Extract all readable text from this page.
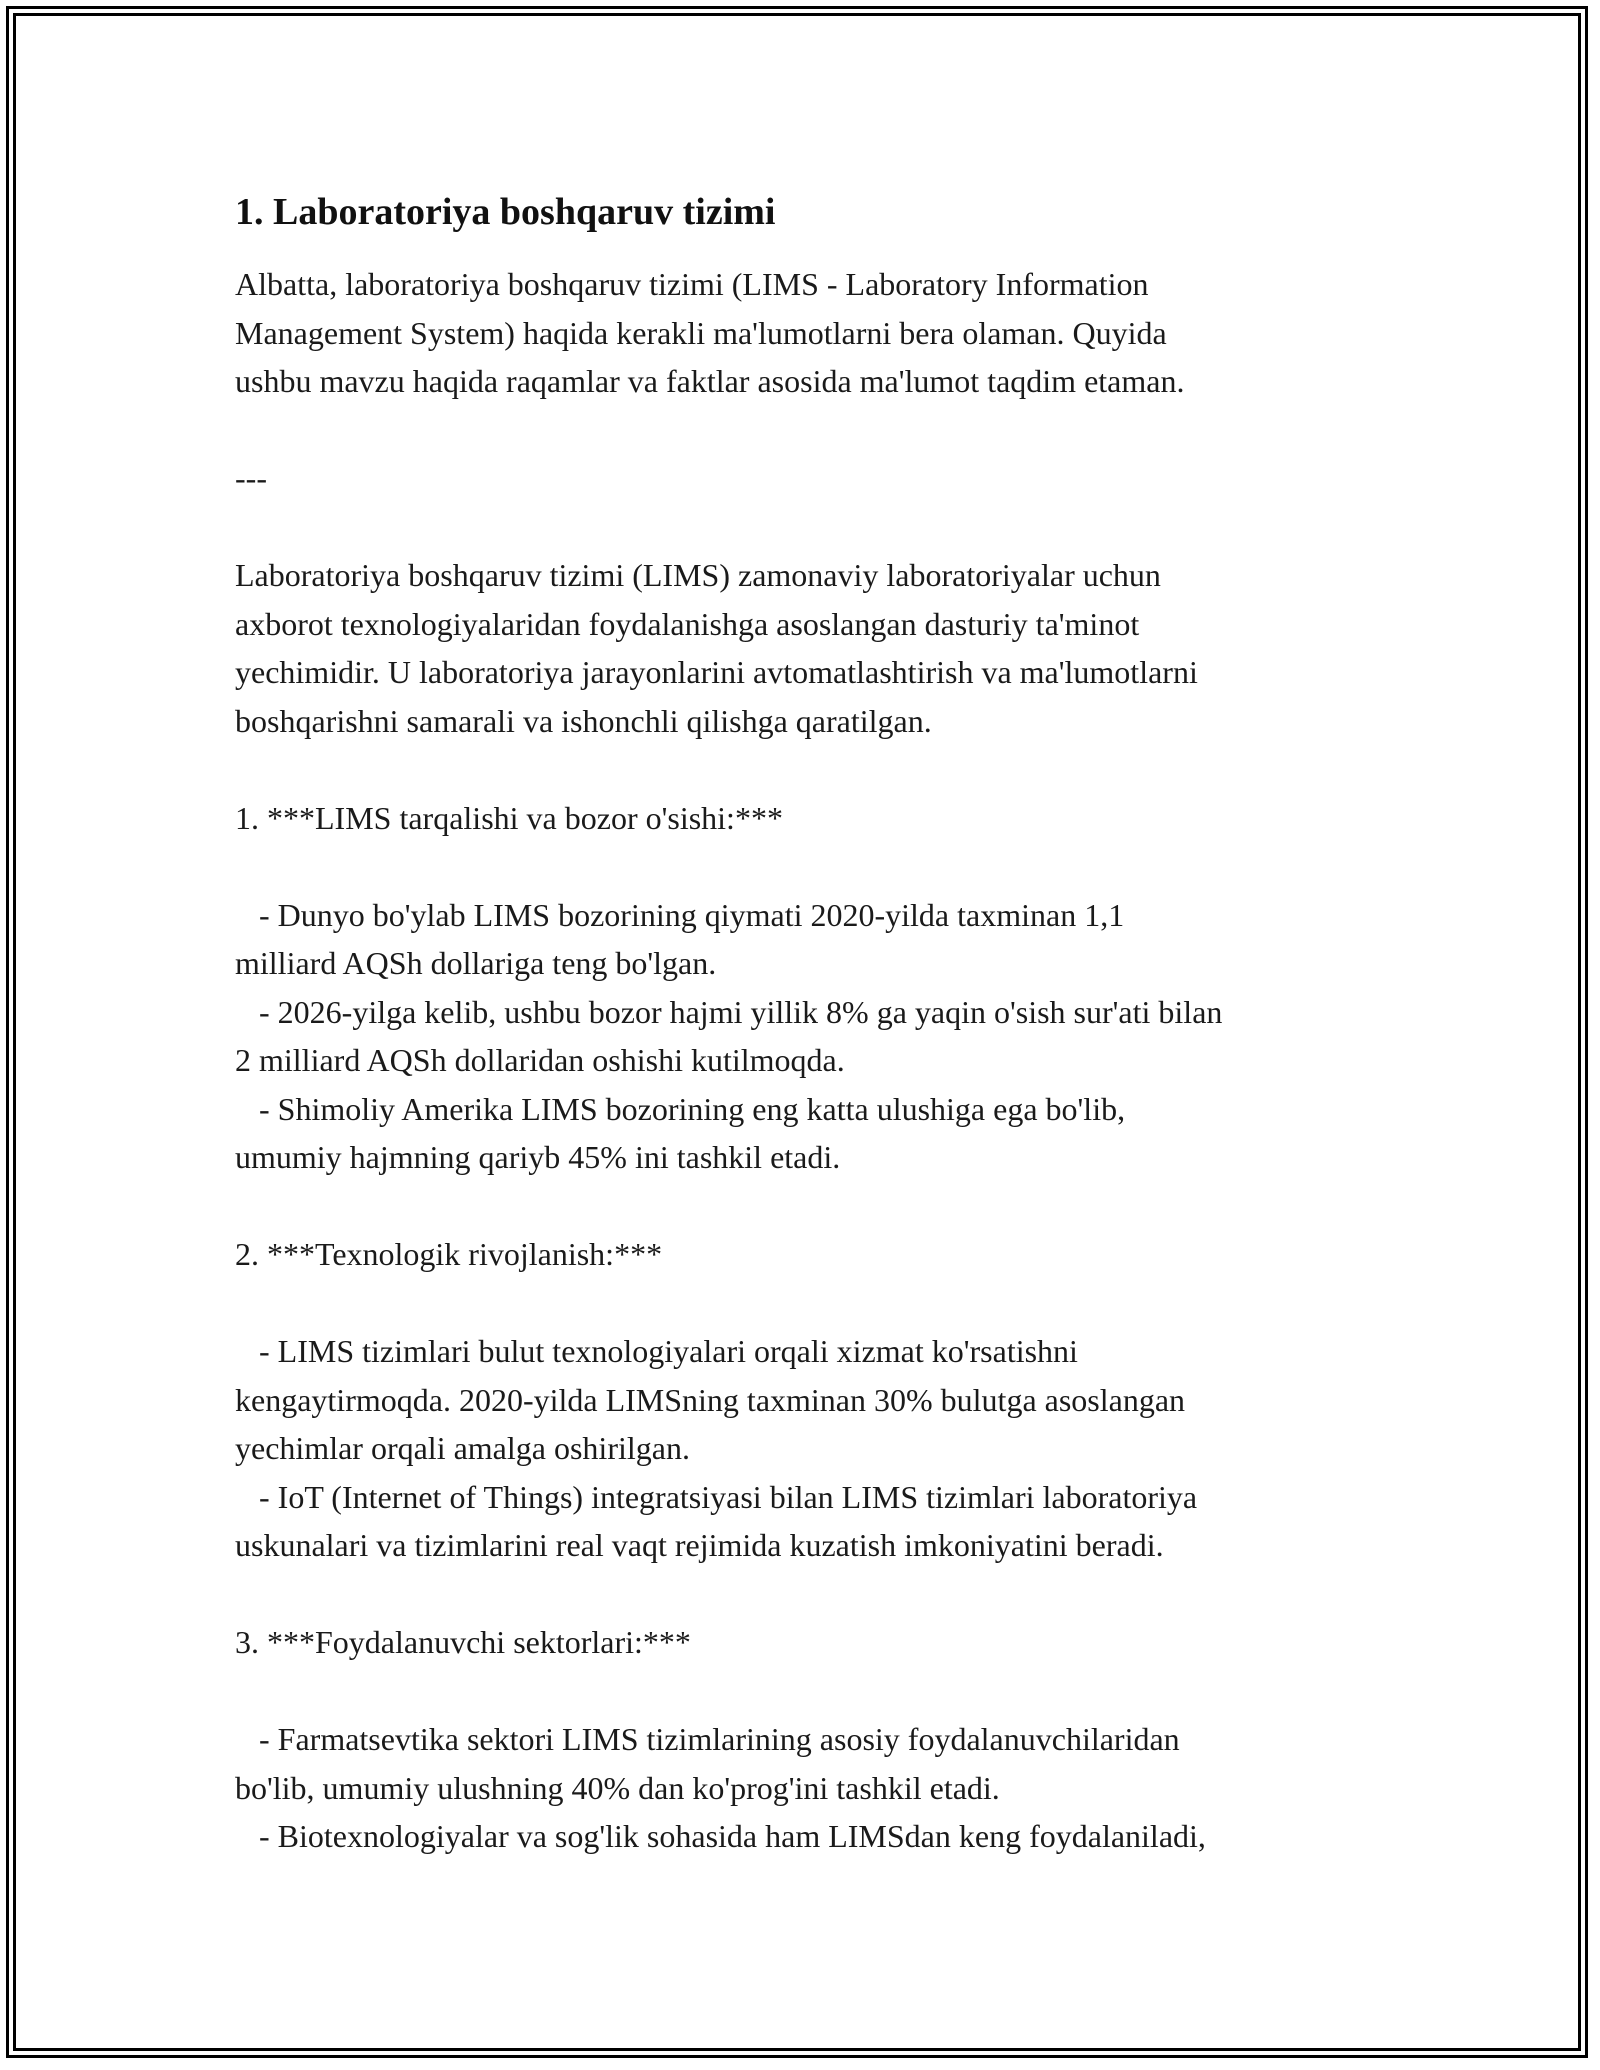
1. Laboratoriya boshqaruv tizimi

Albatta, laboratoriya boshqaruv tizimi (LIMS - Laboratory Information
Management System) haqida kerakli ma'lumotlarni bera olaman. Quyida
ushbu mavzu haqida raqamlar va faktlar asosida ma'lumot taqdim etaman.

---

Laboratoriya boshqaruv tizimi (LIMS) zamonaviy laboratoriyalar uchun
axborot texnologiyalaridan foydalanishga asoslangan dasturiy ta'minot
yechimidir. U laboratoriya jarayonlarini avtomatlashtirish va ma'lumotlarni
boshqarishni samarali va ishonchli qilishga qaratilgan.

1. ***LIMS tarqalishi va bozor o'sishi:***

- Dunyo bo'ylab LIMS bozorining qiymati 2020-yilda taxminan 1,1
milliard AQSh dollariga teng bo'lgan.
- 2026-yilga kelib, ushbu bozor hajmi yillik 8% ga yaqin o'sish sur'ati bilan
2 milliard AQSh dollaridan oshishi kutilmoqda.
- Shimoliy Amerika LIMS bozorining eng katta ulushiga ega bo'lib,
umumiy hajmning qariyb 45% ini tashkil etadi.

2. ***Texnologik rivojlanish:***

- LIMS tizimlari bulut texnologiyalari orqali xizmat ko'rsatishni
kengaytirmoqda. 2020-yilda LIMSning taxminan 30% bulutga asoslangan
yechimlar orqali amalga oshirilgan.
- IoT (Internet of Things) integratsiyasi bilan LIMS tizimlari laboratoriya
uskunalari va tizimlarini real vaqt rejimida kuzatish imkoniyatini beradi.

3. ***Foydalanuvchi sektorlari:***

- Farmatsevtika sektori LIMS tizimlarining asosiy foydalanuvchilaridan
bo'lib, umumiy ulushning 40% dan ko'prog'ini tashkil etadi.
- Biotexnologiyalar va sog'lik sohasida ham LIMSdan keng foydalaniladi,
